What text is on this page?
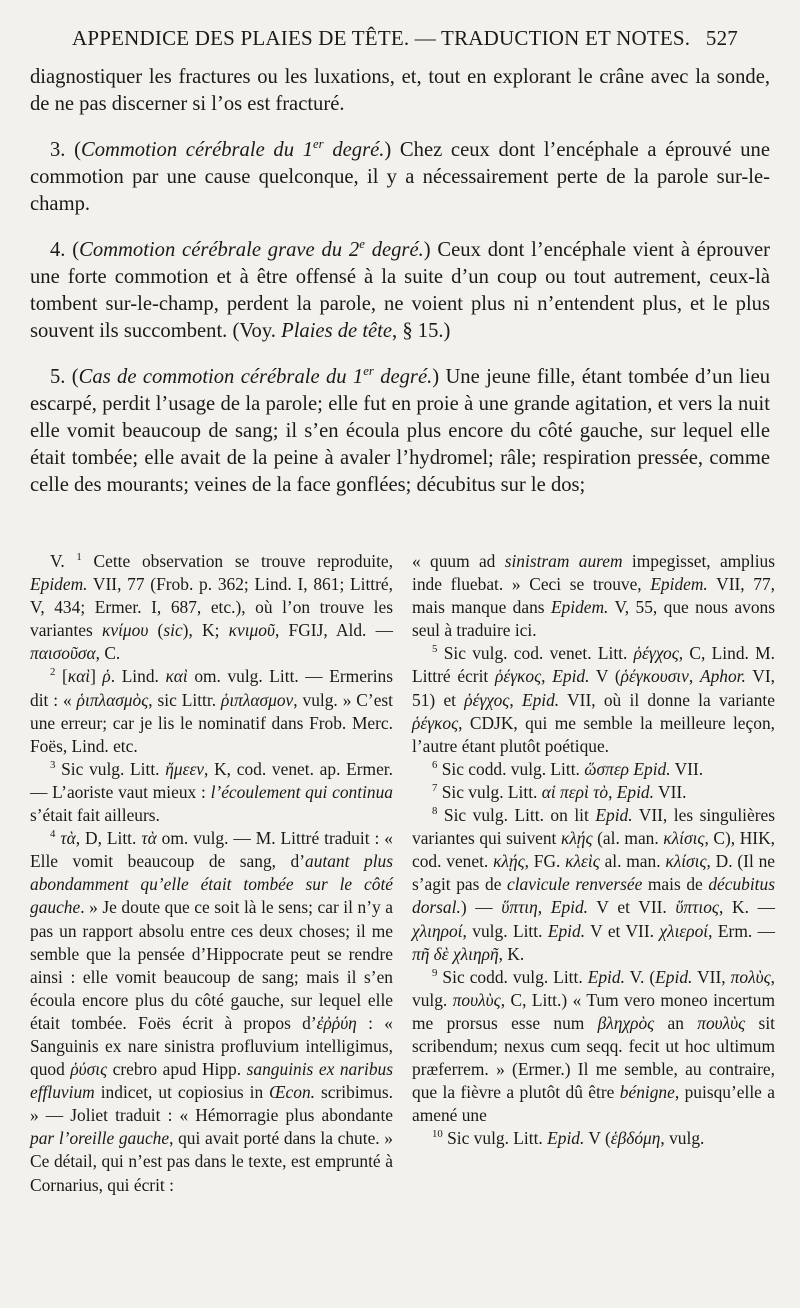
APPENDICE DES PLAIES DE TÊTE. — TRADUCTION ET NOTES. 527

diagnostiquer les fractures ou les luxations, et, tout en explorant le crâne avec la sonde, de ne pas discerner si l’os est fracturé.

3. (Commotion cérébrale du 1er degré.) Chez ceux dont l’encéphale a éprouvé une commotion par une cause quelconque, il y a nécessairement perte de la parole sur-le-champ.

4. (Commotion cérébrale grave du 2e degré.) Ceux dont l’encéphale vient à éprouver une forte commotion et à être offensé à la suite d’un coup ou tout autrement, ceux-là tombent sur-le-champ, perdent la parole, ne voient plus ni n’entendent plus, et le plus souvent ils succombent. (Voy. Plaies de tête, § 15.)

5. (Cas de commotion cérébrale du 1er degré.) Une jeune fille, étant tombée d’un lieu escarpé, perdit l’usage de la parole; elle fut en proie à une grande agitation, et vers la nuit elle vomit beaucoup de sang; il s’en écoula plus encore du côté gauche, sur lequel elle était tombée; elle avait de la peine à avaler l’hydromel; râle; respiration pressée, comme celle des mourants; veines de la face gonflées; décubitus sur le dos;

V. $^1$ Cette observation se trouve reproduite, Epidem. VII, 77 (Frob. p. 362; Lind. I, 861; Littré, V, 434; Ermer. I, 687, etc.), où l’on trouve les variantes κνίμου (sic), K; κνιμοῦ, FGIJ, Ald. — παισοῦσα, C.

$^2$ [καὶ] ῥ. Lind. καὶ om. vulg. Litt. — Ermerins dit : « ῥιπλασμὸς, sic Littr. ῥιπλασμον, vulg. » C’est une erreur; car je lis le nominatif dans Frob. Merc. Foës, Lind. etc.

$^3$ Sic vulg. Litt. ἤμεεν, K, cod. venet. ap. Ermer. — L’aoriste vaut mieux : l’écoulement qui continua s’était fait ailleurs.

$^4$ τὰ, D, Litt. τὰ om. vulg. — M. Littré traduit : « Elle vomit beaucoup de sang, d’autant plus abondamment qu’elle était tombée sur le côté gauche. » Je doute que ce soit là le sens; car il n’y a pas un rapport absolu entre ces deux choses; il me semble que la pensée d’Hippocrate peut se rendre ainsi : elle vomit beaucoup de sang; mais il s’en écoula encore plus du côté gauche, sur lequel elle était tombée. Foës écrit à propos d’ἐῤῥύη : « Sanguinis ex nare sinistra profluvium intelligimus, quod ῥύσις crebro apud Hipp. sanguinis ex naribus effluvium indicet, ut copiosius in Œcon. scribimus. » — Joliet traduit : « Hémorragie plus abondante par l’oreille gauche, qui avait porté dans la chute. » Ce détail, qui n’est pas dans le texte, est emprunté à Cornarius, qui écrit :

« quum ad sinistram aurem impegisset, amplius inde fluebat. » Ceci se trouve, Epidem. VII, 77, mais manque dans Epidem. V, 55, que nous avons seul à traduire ici.

$^5$ Sic vulg. cod. venet. Litt. ῥέγχος, C, Lind. M. Littré écrit ῥέγκος, Epid. V (ῥέγκουσιν, Aphor. VI, 51) et ῥέγχος, Epid. VII, où il donne la variante ῥέγκος, CDJK, qui me semble la meilleure leçon, l’autre étant plutôt poétique.

$^6$ Sic codd. vulg. Litt. ὥσπερ Epid. VII.

$^7$ Sic vulg. Litt. αἱ περὶ τὸ, Epid. VII.

$^8$ Sic vulg. Litt. on lit Epid. VII, les singulières variantes qui suivent κλῄς (al. man. κλίσις, C), HIK, cod. venet. κλῄς, FG. κλεὶς al. man. κλίσις, D. (Il ne s’agit pas de clavicule renversée mais de décubitus dorsal.) — ὕπτιη, Epid. V et VII. ὕπτιος, K. — χλιηροί, vulg. Litt. Epid. V et VII. χλιεροί, Erm. — πῆ δὲ χλιηρῆ, K.

$^9$ Sic codd. vulg. Litt. Epid. V. (Epid. VII, πολὺς, vulg. πουλὺς, C, Litt.) « Tum vero moneo incertum me prorsus esse num βληχρὸς an πουλὺς sit scribendum; nexus cum seqq. fecit ut hoc ultimum præferrem. » (Ermer.) Il me semble, au contraire, que la fièvre a plutôt dû être bénigne, puisqu’elle a amené une

$^{10}$ Sic vulg. Litt. Epid. V (ἑβδόμη, vulg.
